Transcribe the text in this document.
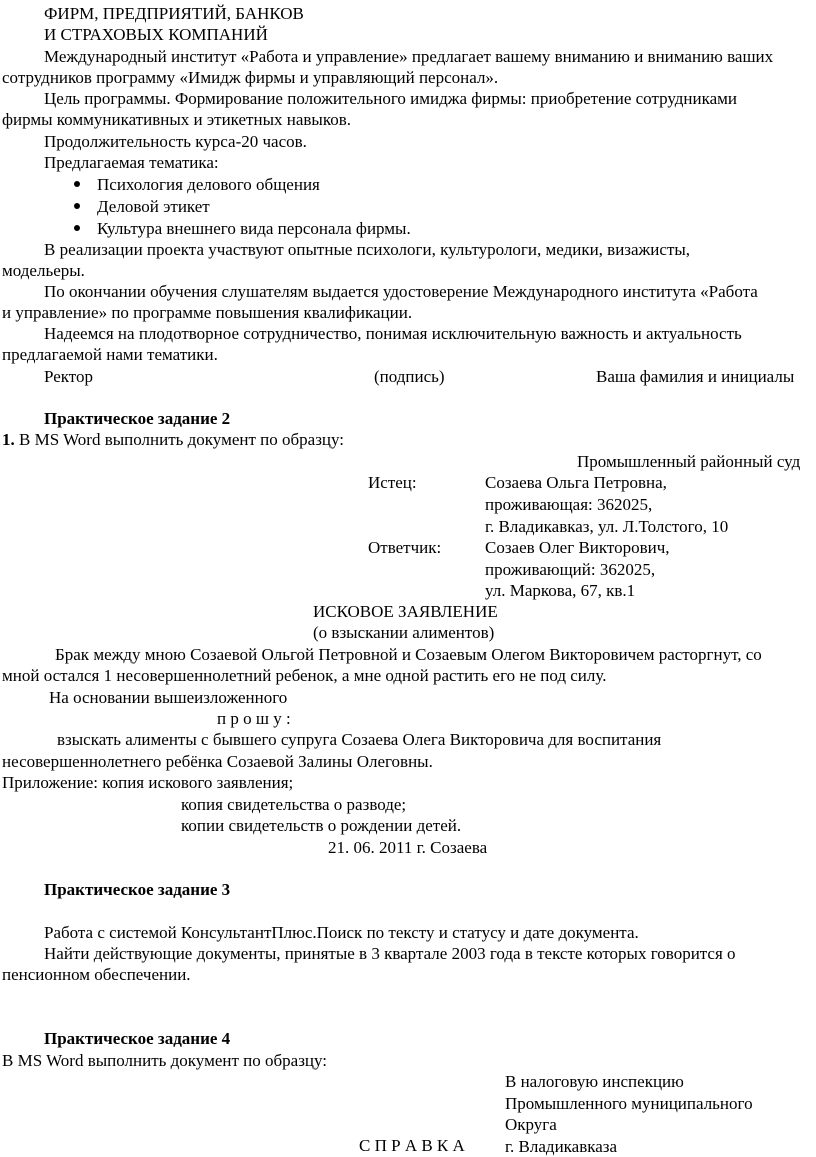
ФИРМ, ПРЕДПРИЯТИЙ, БАНКОВ
И СТРАХОВЫХ КОМПАНИЙ
Международный институт «Работа и управление» предлагает вашему вниманию и вниманию ваших
сотрудников программу «Имидж фирмы и управляющий персонал».
Цель программы. Формирование положительного имиджа фирмы: приобретение сотрудниками
фирмы коммуникативных и этикетных навыков.
Продолжительность курса-20 часов.
Предлагаемая тематика:
Психология делового общения
Деловой этикет
Культура внешнего вида персонала фирмы.
В реализации проекта участвуют опытные психологи, культурологи, медики, визажисты,
модельеры.
По окончании обучения слушателям выдается удостоверение Международного института «Работа
и управление» по программе повышения квалификации.
Надеемся на плодотворное сотрудничество, понимая исключительную важность и актуальность
предлагаемой нами тематики.
Ректор	(подпись)	Ваша фамилия и инициалы
Практическое задание 2
1. В MS Word выполнить документ по образцу:
Промышленный районный суд
Истец:	Созаева Ольга Петровна,
проживающая: 362025,
г. Владикавказ, ул. Л.Толстого, 10
Ответчик:	Созаев Олег Викторович,
проживающий: 362025,
ул. Маркова, 67, кв.1
ИСКОВОЕ ЗАЯВЛЕНИЕ
(о взыскании алиментов)
Брак между мною Созаевой Ольгой Петровной и Созаевым Олегом Викторовичем расторгнут, со
мной остался 1 несовершеннолетний ребенок, а мне одной растить его не под силу.
На основании вышеизложенного
п р о ш у :
взыскать алименты с бывшего супруга Созаева Олега Викторовича для воспитания
несовершеннолетнего ребёнка Созаевой Залины Олеговны.
Приложение: копия искового заявления;
копия свидетельства о разводе;
копии свидетельств о рождении детей.
21. 06. 2011 г. Созаева
Практическое задание 3
Работа с системой КонсультантПлюс.Поиск по тексту и статусу и дате документа.
Найти действующие документы, принятые в 3 квартале 2003 года в тексте которых говорится о
пенсионном обеспечении.
Практическое задание 4
В MS Word выполнить документ по образцу:
В налоговую инспекцию
Промышленного муниципального
Округа
г. Владикавказа
С П Р А В К А
